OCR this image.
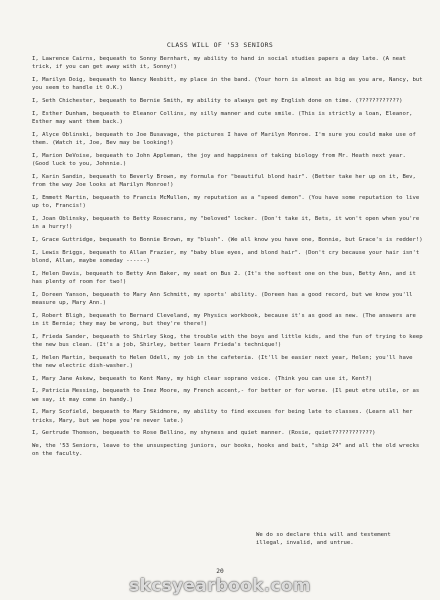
CLASS WILL OF '53 SENIORS

I, Lawrence Cairns, bequeath to Sonny Bernhart, my ability to hand in social studies papers a day late. (A neat trick, if you can get away with it, Sonny!)

I, Marilyn Doig, bequeath to Nancy Nesbitt, my place in the band. (Your horn is almost as big as you are, Nancy, but you seem to handle it O.K.)

I, Seth Chichester, bequeath to Bernie Smith, my ability to always get my English done on time. (????????????)

I, Esther Dunham, bequeath to Eleanor Collins, my silly manner and cute smile. (This is strictly a loan, Eleanor, Esther may want them back.)

I, Alyce Oblinski, bequeath to Joe Busavage, the pictures I have of Marilyn Monroe. I'm sure you could make use of them. (Watch it, Joe, Bev may be looking!)

I, Marion DeVoise, bequeath to John Appleman, the joy and happiness of taking biology from Mr. Heath next year. (Good luck to you, Johnnie.)

I, Karin Sandin, bequeath to Beverly Brown, my formula for "beautiful blond hair". (Better take her up on it, Bev, from the way Joe looks at Marilyn Monroe!)

I, Emmett Martin, bequeath to Francis McMullen, my reputation as a "speed demon". (You have some reputation to live up to, Francis!)

I, Joan Oblinsky, bequeath to Betty Rosecrans, my "beloved" locker. (Don't take it, Bets, it won't open when you're in a hurry!)

I, Grace Guttridge, bequeath to Bonnie Brown, my "blush". (We all know you have one, Bonnie, but Grace's is redder!)

I, Lewis Briggs, bequeath to Allan Frazier, my "baby blue eyes, and blond hair". (Don't cry because your hair isn't blond, Allan, maybe someday ------)

I, Helen Davis, bequeath to Betty Ann Baker, my seat on Bus 2. (It's the softest one on the bus, Betty Ann, and it has plenty of room for two!)

I, Doreen Yanson, bequeath to Mary Ann Schmitt, my sports' ability. (Doreen has a good record, but we know you'll measure up, Mary Ann.)

I, Robert Bligh, bequeath to Bernard Cleveland, my Physics workbook, because it's as good as new. (The answers are in it Bernie; they may be wrong, but they're there!)

I, Frieda Sander, bequeath to Shirley Skog, the trouble with the boys and little kids, and the fun of trying to keep the new bus clean. (It's a job, Shirley, better learn Frieda's technique!)

I, Helen Martin, bequeath to Helen Odell, my job in the cafeteria. (It'll be easier next year, Helen; you'll have the new electric dish-washer.)

I, Mary Jane Askew, bequeath to Kent Many, my high clear soprano voice. (Think you can use it, Kent?)

I, Patricia Messing, bequeath to Inez Moore, my French accent,- for better or for worse. (Il peut etre utile, or as we say, it may come in handy.)

I, Mary Scofield, bequeath to Mary Skidmore, my ability to find excuses for being late to classes. (Learn all her tricks, Mary, but we hope you're never late.)

I, Gertrude Thomson, bequeath to Rose Bellino, my shyness and quiet manner. (Rosie, quiet????????????)

We, the '53 Seniors, leave to the unsuspecting juniors, our books, hooks and bait, "ship 24" and all the old wrecks on the faculty.

We do so declare this will and testement illegal, invalid, and untrue.
20
skcsyearbook.com
